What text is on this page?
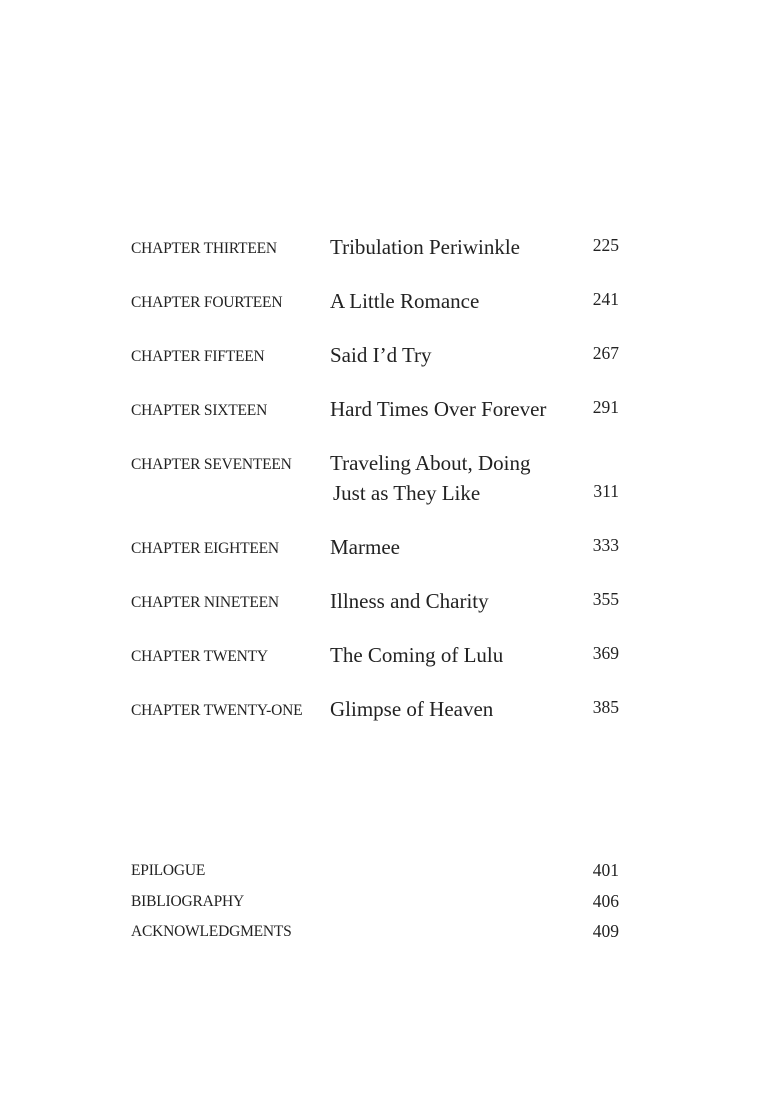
CHAPTER THIRTEEN	Tribulation Periwinkle	225
CHAPTER FOURTEEN A Little Romance	241
CHAPTER FIFTEEN	Said I’d Try	267
CHAPTER SIXTEEN	Hard Times Over Forever	291
CHAPTER SEVENTEEN Traveling About, Doing
Just as They Like	311
CHAPTER EIGHTEEN Marmee	333
CHAPTER NINETEEN Illness and Charity	355
CHAPTER TWENTY	The Coming of Lulu	369
CHAPTER TWENTY-ONE Glimpse of Heaven	385
EPILOGUE	401
BIBLIOGRAPHY	406
ACKNOWLEDGMENTS	409
